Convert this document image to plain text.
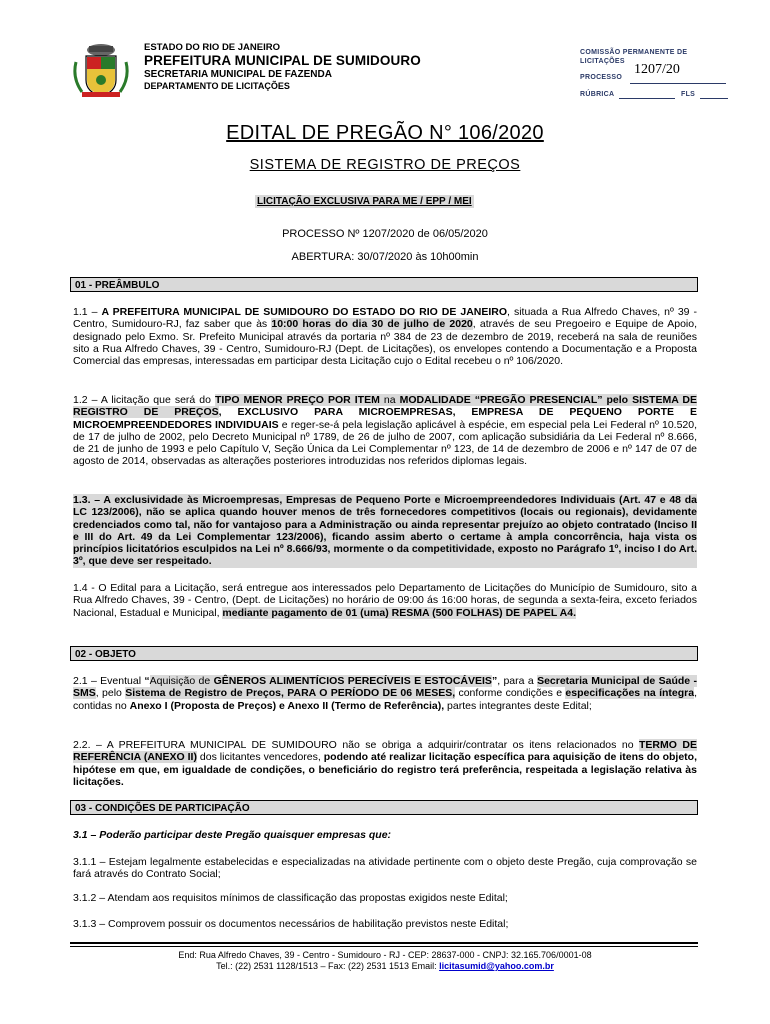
ESTADO DO RIO DE JANEIRO
PREFEITURA MUNICIPAL DE SUMIDOURO
SECRETARIA MUNICIPAL DE FAZENDA
DEPARTAMENTO DE LICITAÇÕES
COMISSÃO PERMANENTE DE
LICITAÇÕES
1207/20
PROCESSO
RÚBRICA	FLS
EDITAL DE PREGÃO N° 106/2020
SISTEMA DE REGISTRO DE PREÇOS
LICITAÇÃO EXCLUSIVA PARA ME / EPP / MEI
PROCESSO Nº 1207/2020 de 06/05/2020
ABERTURA: 30/07/2020 às 10h00min
01 - PREÂMBULO
1.1 – A PREFEITURA MUNICIPAL DE SUMIDOURO DO ESTADO DO RIO DE JANEIRO, situada a Rua Alfredo Chaves, nº 39 - Centro, Sumidouro-RJ, faz saber que às 10:00 horas do dia 30 de julho de 2020, através de seu Pregoeiro e Equipe de Apoio, designado pelo Exmo. Sr. Prefeito Municipal através da portaria nº 384 de 23 de dezembro de 2019, receberá na sala de reuniões sito a Rua Alfredo Chaves, 39 - Centro, Sumidouro-RJ (Dept. de Licitações), os envelopes contendo a Documentação e a Proposta Comercial das empresas, interessadas em participar desta Licitação cujo o Edital recebeu o nº 106/2020.
1.2 – A licitação que será do TIPO MENOR PREÇO POR ITEM na MODALIDADE “PREGÃO PRESENCIAL” pelo SISTEMA DE REGISTRO DE PREÇOS, EXCLUSIVO PARA MICROEMPRESAS, EMPRESA DE PEQUENO PORTE E MICROEMPREENDEDORES INDIVIDUAIS e reger-se-á pela legislação aplicável à espécie, em especial pela Lei Federal nº 10.520, de 17 de julho de 2002, pelo Decreto Municipal nº 1789, de 26 de julho de 2007, com aplicação subsidiária da Lei Federal nº 8.666, de 21 de junho de 1993 e pelo Capítulo V, Seção Única da Lei Complementar nº 123, de 14 de dezembro de 2006 e nº 147 de 07 de agosto de 2014, observadas as alterações posteriores introduzidas nos referidos diplomas legais.
1.3. – A exclusividade às Microempresas, Empresas de Pequeno Porte e Microempreendedores Individuais (Art. 47 e 48 da LC 123/2006), não se aplica quando houver menos de três fornecedores competitivos (locais ou regionais), devidamente credenciados como tal, não for vantajoso para a Administração ou ainda representar prejuízo ao objeto contratado (Inciso II e III do Art. 49 da Lei Complementar 123/2006), ficando assim aberto o certame à ampla concorrência, haja vista os princípios licitatórios esculpidos na Lei nº 8.666/93, mormente o da competitividade, exposto no Parágrafo 1º, inciso I do Art. 3º, que deve ser respeitado.
1.4 - O Edital para a Licitação, será entregue aos interessados pelo Departamento de Licitações do Município de Sumidouro, sito a Rua Alfredo Chaves, 39 - Centro, (Dept. de Licitações) no horário de 09:00 ás 16:00 horas, de segunda a sexta-feira, exceto feriados Nacional, Estadual e Municipal, mediante pagamento de 01 (uma) RESMA (500 FOLHAS) DE PAPEL A4.
02 - OBJETO
2.1 – Eventual “Aquisição de GÊNEROS ALIMENTÍCIOS PERECÍVEIS E ESTOCÁVEIS”, para a Secretaria Municipal de Saúde - SMS, pelo Sistema de Registro de Preços, PARA O PERÍODO DE 06 MESES, conforme condições e especificações na íntegra, contidas no Anexo I (Proposta de Preços) e Anexo II (Termo de Referência), partes integrantes deste Edital;
2.2. – A PREFEITURA MUNICIPAL DE SUMIDOURO não se obriga a adquirir/contratar os itens relacionados no TERMO DE REFERÊNCIA (ANEXO II) dos licitantes vencedores, podendo até realizar licitação específica para aquisição de itens do objeto, hipótese em que, em igualdade de condições, o beneficiário do registro terá preferência, respeitada a legislação relativa às licitações.
03 - CONDIÇÕES DE PARTICIPAÇÃO
3.1 – Poderão participar deste Pregão quaisquer empresas que:
3.1.1 – Estejam legalmente estabelecidas e especializadas na atividade pertinente com o objeto deste Pregão, cuja comprovação se fará através do Contrato Social;
3.1.2 – Atendam aos requisitos mínimos de classificação das propostas exigidos neste Edital;
3.1.3 – Comprovem possuir os documentos necessários de habilitação previstos neste Edital;
End: Rua Alfredo Chaves, 39 - Centro - Sumidouro - RJ - CEP: 28637-000 - CNPJ: 32.165.706/0001-08
Tel.: (22) 2531 1128/1513 – Fax: (22) 2531 1513 Email: licitasumid@yahoo.com.br
